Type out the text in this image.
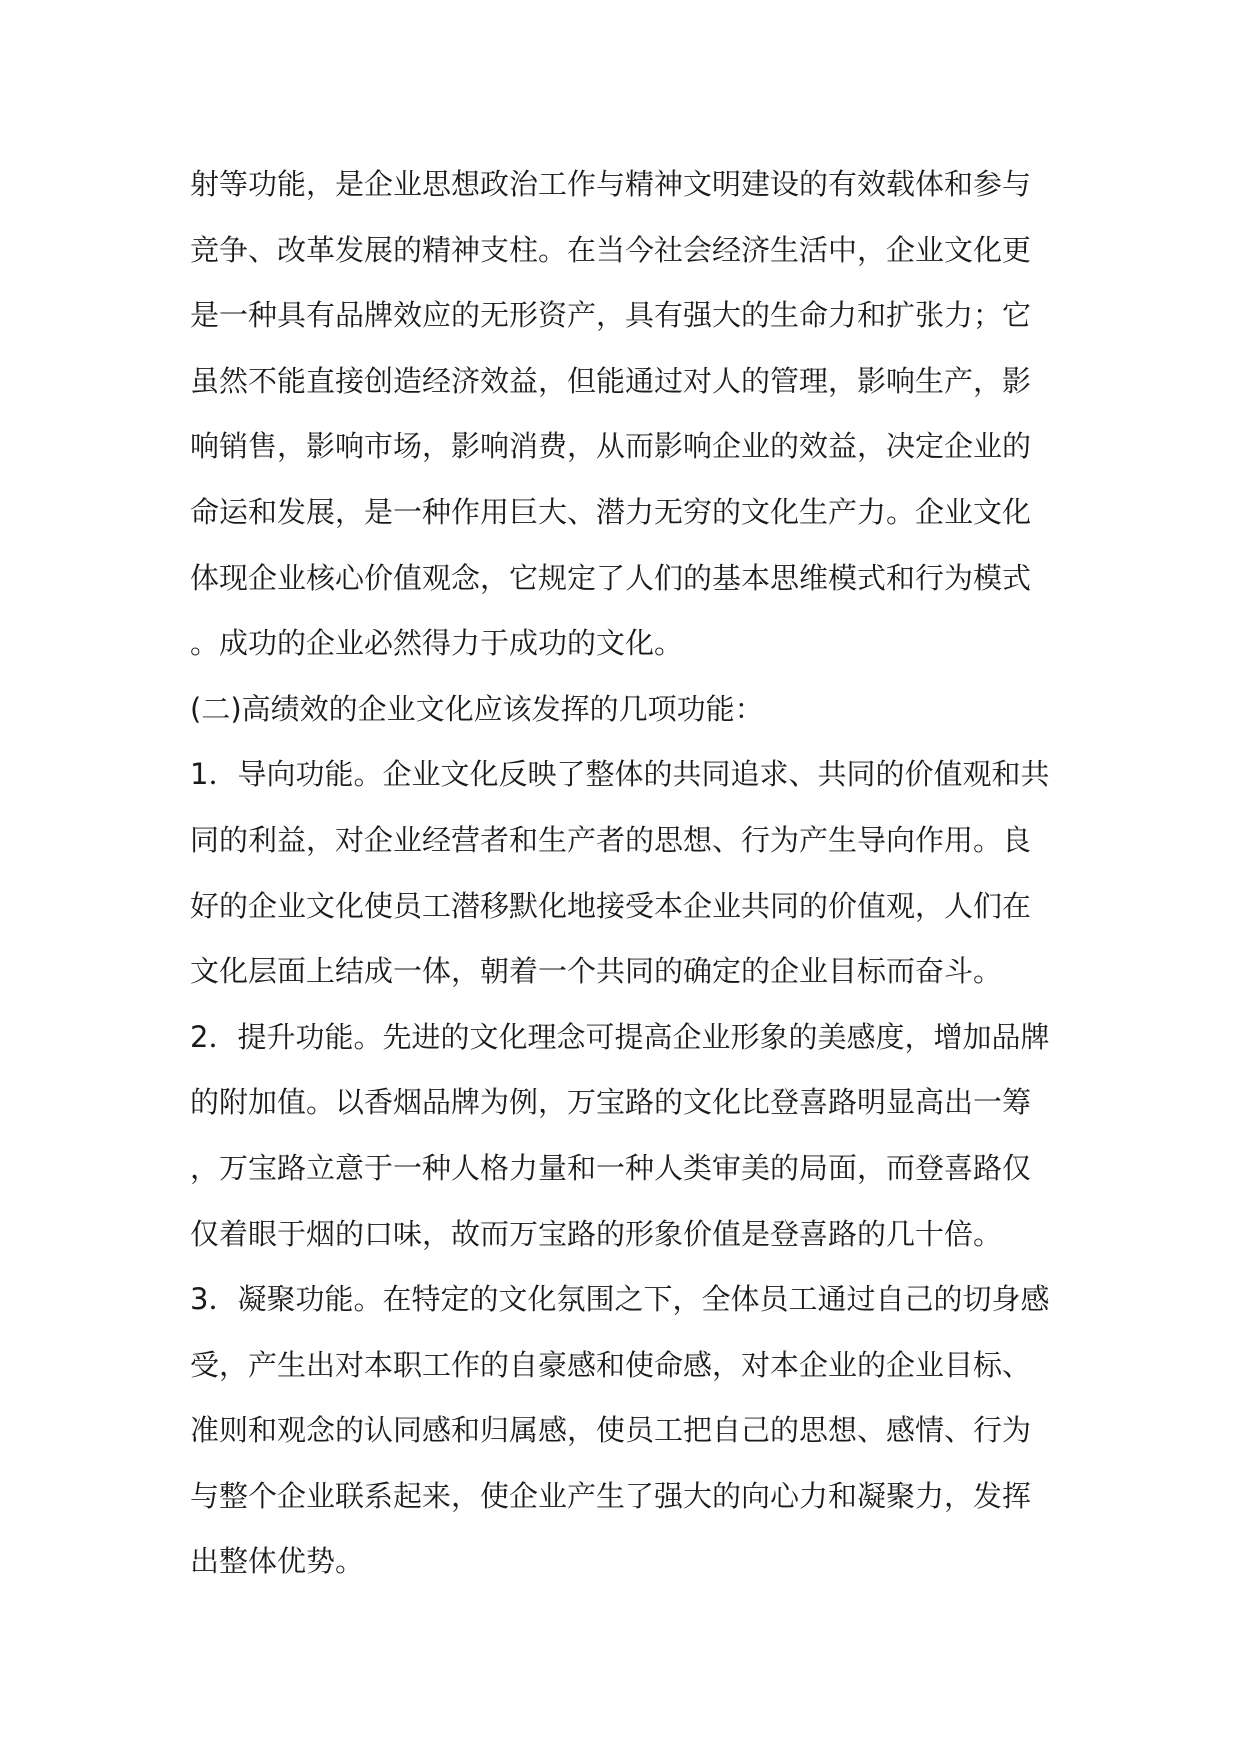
射等功能，是企业思想政治工作与精神文明建设的有效载体和参与
竞争、改革发展的精神支柱。在当今社会经济生活中，企业文化更
是一种具有品牌效应的无形资产，具有强大的生命力和扩张力；它
虽然不能直接创造经济效益，但能通过对人的管理，影响生产，影
响销售，影响市场，影响消费，从而影响企业的效益，决定企业的
命运和发展，是一种作用巨大、潜力无穷的文化生产力。企业文化
体现企业核心价值观念，它规定了人们的基本思维模式和行为模式
。成功的企业必然得力于成功的文化。
(二)高绩效的企业文化应该发挥的几项功能：
1．导向功能。企业文化反映了整体的共同追求、共同的价值观和共
同的利益，对企业经营者和生产者的思想、行为产生导向作用。良
好的企业文化使员工潜移默化地接受本企业共同的价值观，人们在
文化层面上结成一体，朝着一个共同的确定的企业目标而奋斗。
2．提升功能。先进的文化理念可提高企业形象的美感度，增加品牌
的附加值。以香烟品牌为例，万宝路的文化比登喜路明显高出一筹
，万宝路立意于一种人格力量和一种人类审美的局面，而登喜路仅
仅着眼于烟的口味，故而万宝路的形象价值是登喜路的几十倍。
3．凝聚功能。在特定的文化氛围之下，全体员工通过自己的切身感
受，产生出对本职工作的自豪感和使命感，对本企业的企业目标、
准则和观念的认同感和归属感，使员工把自己的思想、感情、行为
与整个企业联系起来，使企业产生了强大的向心力和凝聚力，发挥
出整体优势。
